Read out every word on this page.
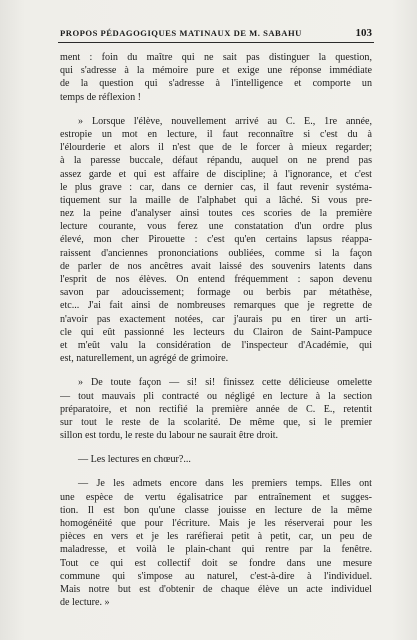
PROPOS PÉDAGOGIQUES MATINAUX DE M. SABAHU	103
ment : foin du maître qui ne sait pas distinguer la question,
qui s'adresse à la mémoire pure et exige une réponse immédiate
de la question qui s'adresse à l'intelligence et comporte un
temps de réflexion !
» Lorsque l'élève, nouvellement arrivé au C. E., 1re année,
estropie un mot en lecture, il faut reconnaître si c'est du à
l'élourderie et alors il n'est que de le forcer à mieux regarder;
à la paresse buccale, défaut répandu, auquel on ne prend pas
assez garde et qui est affaire de discipline; à l'ignorance, et c'est
le plus grave : car, dans ce dernier cas, il faut revenir systéma-
tiquement sur la maille de l'alphabet qui a lâché. Si vous pre-
nez la peine d'analyser ainsi toutes ces scories de la première
lecture courante, vous ferez une constatation d'un ordre plus
élevé, mon cher Pirouette : c'est qu'en certains lapsus réappa-
raissent d'anciennes prononciations oubliées, comme si la façon
de parler de nos ancêtres avait laissé des souvenirs latents dans
l'esprit de nos élèves. On entend fréquemment : sapon devenu
savon par adoucissement; formage ou berbis par métathèse,
etc... J'ai fait ainsi de nombreuses remarques que je regrette de
n'avoir pas exactement notées, car j'aurais pu en tirer un arti-
cle qui eût passionné les lecteurs du Clairon de Saint-Pampuce
et m'eût valu la considération de l'inspecteur d'Académie, qui
est, naturellement, un agrégé de grimoire.
» De toute façon — si! si! finissez cette délicieuse omelette
— tout mauvais pli contracté ou négligé en lecture à la section
préparatoire, et non rectifié la première année de C. E., retentit
sur tout le reste de la scolarité. De même que, si le premier
sillon est tordu, le reste du labour ne saurait être droit.
— Les lectures en chœur?...
— Je les admets encore dans les premiers temps. Elles ont
une espèce de vertu égalisatrice par entraînement et sugges-
tion. Il est bon qu'une classe jouisse en lecture de la même
homogénéité que pour l'écriture. Mais je les réserverai pour les
pièces en vers et je les raréfierai petit à petit, car, un peu de
maladresse, et voilà le plain-chant qui rentre par la fenêtre.
Tout ce qui est collectif doit se fondre dans une mesure
commune qui s'impose au naturel, c'est-à-dire à l'individuel.
Mais notre but est d'obtenir de chaque élève un acte individuel
de lecture. »
